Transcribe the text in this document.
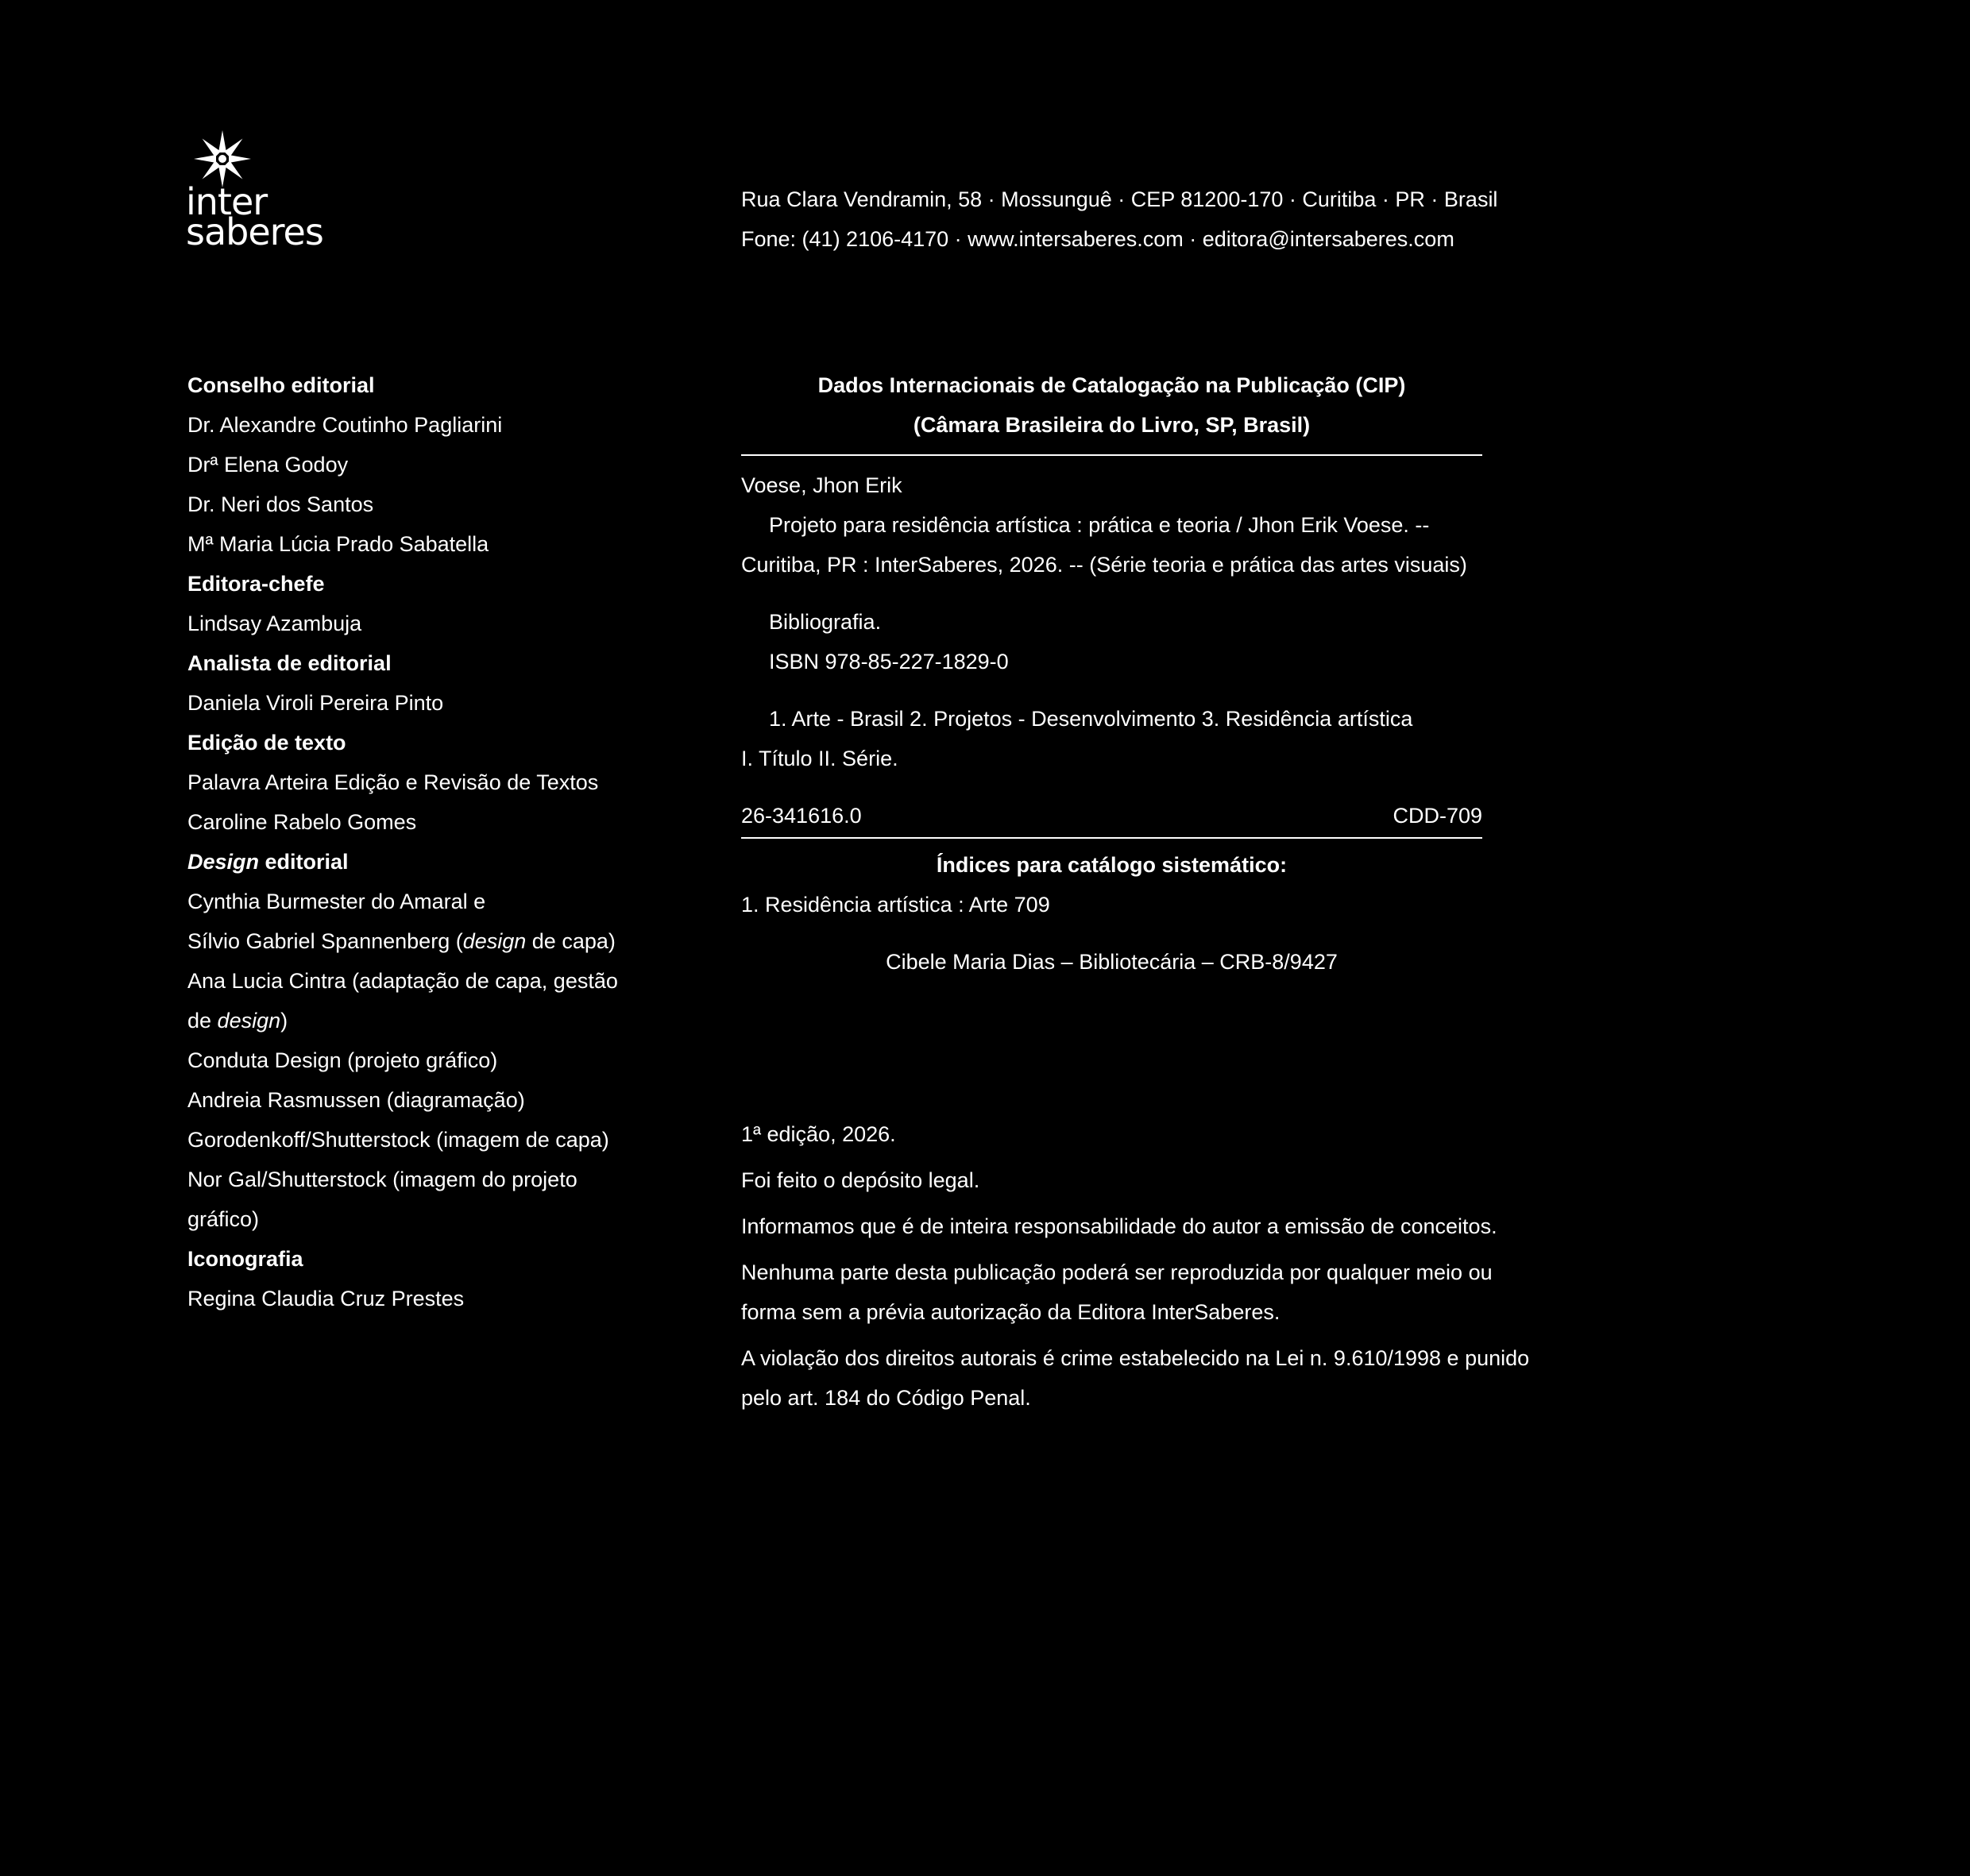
inter
saberes
Rua Clara Vendramin, 58 · Mossunguê · CEP 81200-170 · Curitiba · PR · Brasil
Fone: (41) 2106-4170 · www.intersaberes.com · editora@intersaberes.com
Conselho editorial
Dr. Alexandre Coutinho Pagliarini
Drª Elena Godoy
Dr. Neri dos Santos
Mª Maria Lúcia Prado Sabatella
Editora-chefe
Lindsay Azambuja
Analista de editorial
Daniela Viroli Pereira Pinto
Edição de texto
Palavra Arteira Edição e Revisão de Textos
Caroline Rabelo Gomes
Design editorial
Cynthia Burmester do Amaral e
Sílvio Gabriel Spannenberg (design de capa)
Ana Lucia Cintra (adaptação de capa, gestão
de design)
Conduta Design (projeto gráfico)
Andreia Rasmussen (diagramação)
Gorodenkoff/Shutterstock (imagem de capa)
Nor Gal/Shutterstock (imagem do projeto
gráfico)
Iconografia
Regina Claudia Cruz Prestes
Dados Internacionais de Catalogação na Publicação (CIP)
(Câmara Brasileira do Livro, SP, Brasil)
Voese, Jhon Erik
Projeto para residência artística : prática e teoria / Jhon Erik Voese. --
Curitiba, PR : InterSaberes, 2026. -- (Série teoria e prática das artes visuais)
Bibliografia.
ISBN 978-85-227-1829-0
1. Arte - Brasil 2. Projetos - Desenvolvimento 3. Residência artística
I. Título II. Série.
26-341616.0	CDD-709
Índices para catálogo sistemático:
1. Residência artística : Arte 709
Cibele Maria Dias – Bibliotecária – CRB-8/9427
1ª edição, 2026.
Foi feito o depósito legal.
Informamos que é de inteira responsabilidade do autor a emissão de conceitos.
Nenhuma parte desta publicação poderá ser reproduzida por qualquer meio ou
forma sem a prévia autorização da Editora InterSaberes.
A violação dos direitos autorais é crime estabelecido na Lei n. 9.610/1998 e punido
pelo art. 184 do Código Penal.
